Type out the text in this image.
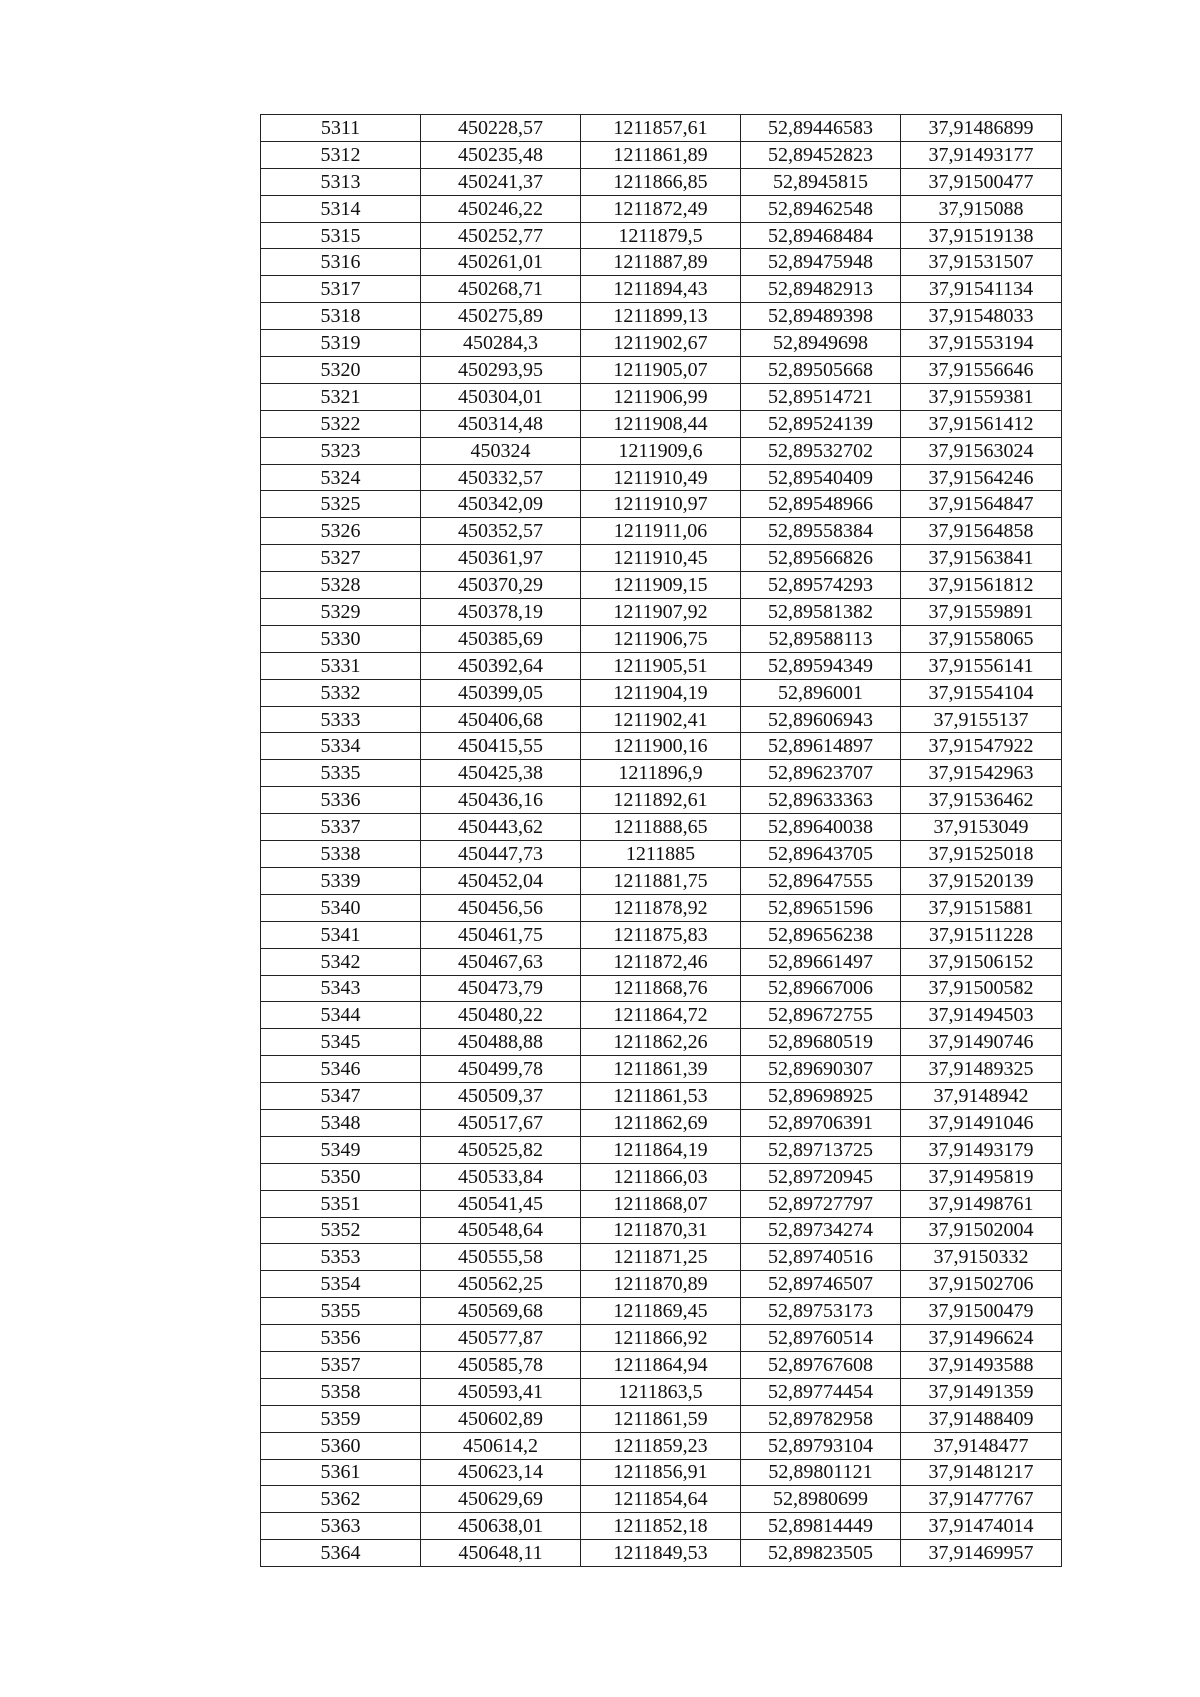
5311	450228,57	1211857,61	52,89446583	37,91486899
5312	450235,48	1211861,89	52,89452823	37,91493177
5313	450241,37	1211866,85	52,8945815	37,91500477
5314	450246,22	1211872,49	52,89462548	37,915088
5315	450252,77	1211879,5	52,89468484	37,91519138
5316	450261,01	1211887,89	52,89475948	37,91531507
5317	450268,71	1211894,43	52,89482913	37,91541134
5318	450275,89	1211899,13	52,89489398	37,91548033
5319	450284,3	1211902,67	52,8949698	37,91553194
5320	450293,95	1211905,07	52,89505668	37,91556646
5321	450304,01	1211906,99	52,89514721	37,91559381
5322	450314,48	1211908,44	52,89524139	37,91561412
5323	450324	1211909,6	52,89532702	37,91563024
5324	450332,57	1211910,49	52,89540409	37,91564246
5325	450342,09	1211910,97	52,89548966	37,91564847
5326	450352,57	1211911,06	52,89558384	37,91564858
5327	450361,97	1211910,45	52,89566826	37,91563841
5328	450370,29	1211909,15	52,89574293	37,91561812
5329	450378,19	1211907,92	52,89581382	37,91559891
5330	450385,69	1211906,75	52,89588113	37,91558065
5331	450392,64	1211905,51	52,89594349	37,91556141
5332	450399,05	1211904,19	52,896001	37,91554104
5333	450406,68	1211902,41	52,89606943	37,9155137
5334	450415,55	1211900,16	52,89614897	37,91547922
5335	450425,38	1211896,9	52,89623707	37,91542963
5336	450436,16	1211892,61	52,89633363	37,91536462
5337	450443,62	1211888,65	52,89640038	37,9153049
5338	450447,73	1211885	52,89643705	37,91525018
5339	450452,04	1211881,75	52,89647555	37,91520139
5340	450456,56	1211878,92	52,89651596	37,91515881
5341	450461,75	1211875,83	52,89656238	37,91511228
5342	450467,63	1211872,46	52,89661497	37,91506152
5343	450473,79	1211868,76	52,89667006	37,91500582
5344	450480,22	1211864,72	52,89672755	37,91494503
5345	450488,88	1211862,26	52,89680519	37,91490746
5346	450499,78	1211861,39	52,89690307	37,91489325
5347	450509,37	1211861,53	52,89698925	37,9148942
5348	450517,67	1211862,69	52,89706391	37,91491046
5349	450525,82	1211864,19	52,89713725	37,91493179
5350	450533,84	1211866,03	52,89720945	37,91495819
5351	450541,45	1211868,07	52,89727797	37,91498761
5352	450548,64	1211870,31	52,89734274	37,91502004
5353	450555,58	1211871,25	52,89740516	37,9150332
5354	450562,25	1211870,89	52,89746507	37,91502706
5355	450569,68	1211869,45	52,89753173	37,91500479
5356	450577,87	1211866,92	52,89760514	37,91496624
5357	450585,78	1211864,94	52,89767608	37,91493588
5358	450593,41	1211863,5	52,89774454	37,91491359
5359	450602,89	1211861,59	52,89782958	37,91488409
5360	450614,2	1211859,23	52,89793104	37,9148477
5361	450623,14	1211856,91	52,89801121	37,91481217
5362	450629,69	1211854,64	52,8980699	37,91477767
5363	450638,01	1211852,18	52,89814449	37,91474014
5364	450648,11	1211849,53	52,89823505	37,91469957
